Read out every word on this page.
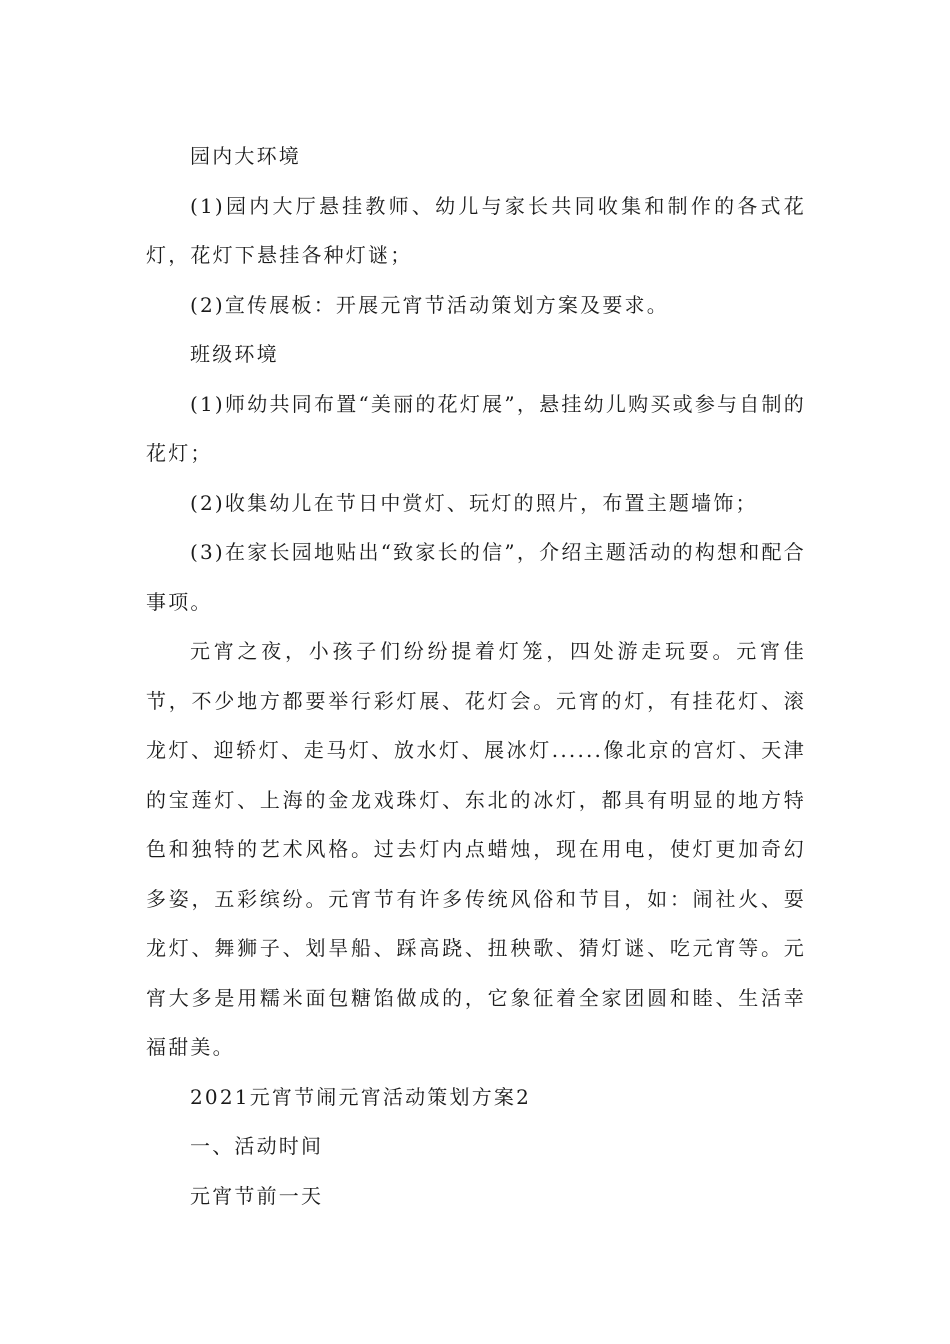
园内大环境

(1)园内大厅悬挂教师、幼儿与家长共同收集和制作的各式花灯，花灯下悬挂各种灯谜；

(2)宣传展板：开展元宵节活动策划方案及要求。

班级环境

(1)师幼共同布置“美丽的花灯展”，悬挂幼儿购买或参与自制的花灯；

(2)收集幼儿在节日中赏灯、玩灯的照片，布置主题墙饰；

(3)在家长园地贴出“致家长的信”，介绍主题活动的构想和配合事项。

元宵之夜，小孩子们纷纷提着灯笼，四处游走玩耍。元宵佳节，不少地方都要举行彩灯展、花灯会。元宵的灯，有挂花灯、滚龙灯、迎轿灯、走马灯、放水灯、展冰灯......像北京的宫灯、天津的宝莲灯、上海的金龙戏珠灯、东北的冰灯，都具有明显的地方特色和独特的艺术风格。过去灯内点蜡烛，现在用电，使灯更加奇幻多姿，五彩缤纷。元宵节有许多传统风俗和节目，如：闹社火、耍龙灯、舞狮子、划旱船、踩高跷、扭秧歌、猜灯谜、吃元宵等。元宵大多是用糯米面包糖馅做成的，它象征着全家团圆和睦、生活幸福甜美。

2021元宵节闹元宵活动策划方案2

一、活动时间

元宵节前一天
